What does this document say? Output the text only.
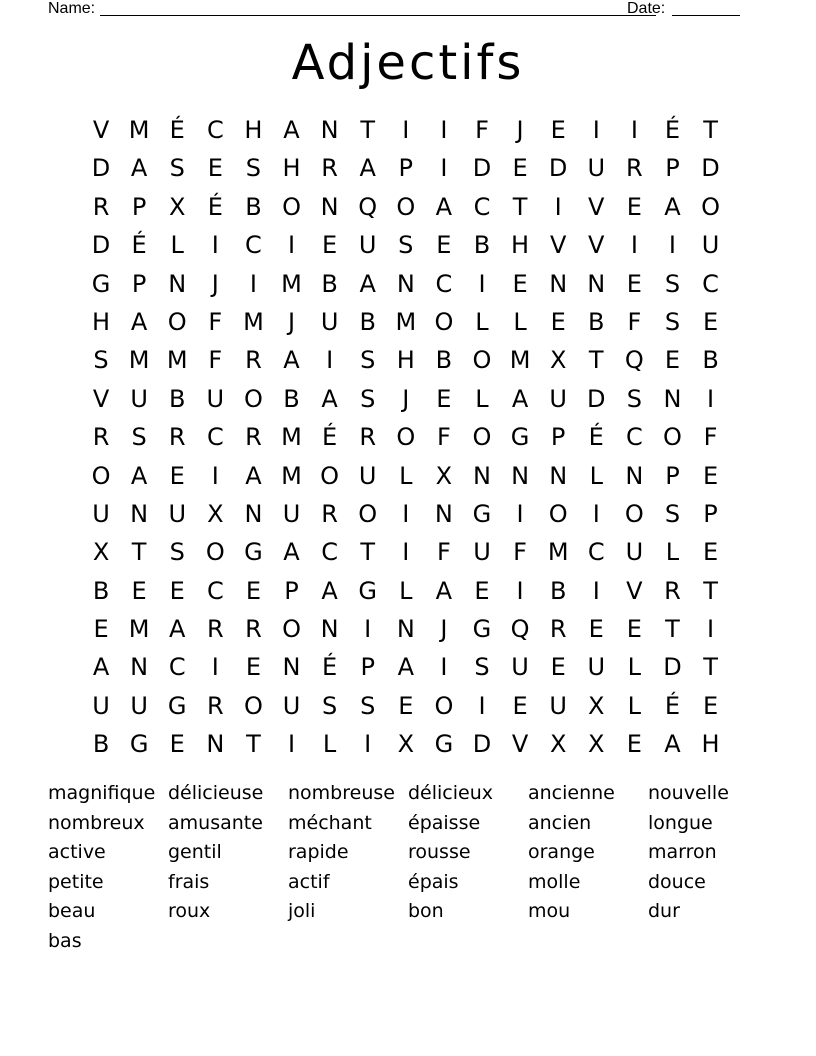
Name:	Date:
Adjectifs
V M É C H A N T	I	I	F	J	E	I	I	É T
D A S E S H R A P	I	D E D U R P D
R P X É B O N Q O A C T	I	V E A O
D É L	I	C	I	E U S E B H V V	I	I	U
G P N	J	I	M B A N C	I	E N N E S C
H A O F M	J	U B M O L	L E B F S E
S M M F R A	I	S H B O M X T Q E B
V U B U O B A S	J	E L A U D S N	I
R S R C R M É R O F O G P É C O F
O A E	I	A M O U L X N N N L N P E
U N U X N U R O	I	N G	I	O	I	O S P
X T S O G A C T	I	F U F M C U L E
B E E C E P A G L A E	I	B	I	V R T
E M A R R O N	I	N	J	G Q R E E T	I
A N C	I	E N É P A	I	S U E U L D T
U U G R O U S S E O	I	E U X L É E
B G E N T	I	L	I	X G D V X X E A H
magnifique délicieuse	nombreuse délicieux	ancienne	nouvelle
nombreux	amusante	méchant	épaisse	ancien	longue
active	gentil	rapide	rousse	orange	marron
petite	frais	actif	épais	molle	douce
beau	roux	joli	bon	mou	dur
bas
